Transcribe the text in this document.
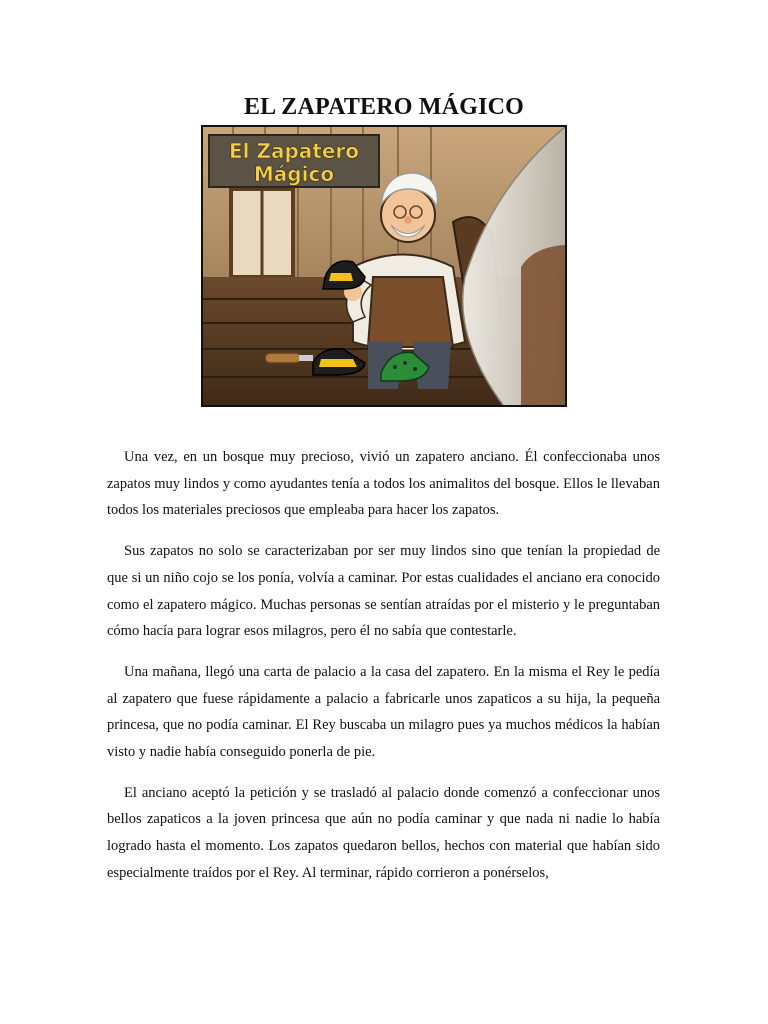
EL ZAPATERO MÁGICO
El Zapatero
Mágico

Una vez, en un bosque muy precioso, vivió un zapatero anciano. Él confeccionaba unos zapatos muy lindos y como ayudantes tenía a todos los animalitos del bosque. Ellos le llevaban todos los materiales preciosos que empleaba para hacer los zapatos.

Sus zapatos no solo se caracterizaban por ser muy lindos sino que tenían la propiedad de que si un niño cojo se los ponía, volvía a caminar. Por estas cualidades el anciano era conocido como el zapatero mágico. Muchas personas se sentían atraídas por el misterio y le preguntaban cómo hacía para lograr esos milagros, pero él no sabía que contestarle.

Una mañana, llegó una carta de palacio a la casa del zapatero. En la misma el Rey le pedía al zapatero que fuese rápidamente a palacio a fabricarle unos zapaticos a su hija, la pequeña princesa, que no podía caminar. El Rey buscaba un milagro pues ya muchos médicos la habían visto y nadie había conseguido ponerla de pie.

El anciano aceptó la petición y se trasladó al palacio donde comenzó a confeccionar unos bellos zapaticos a la joven princesa que aún no podía caminar y que nada ni nadie lo había logrado hasta el momento. Los zapatos quedaron bellos, hechos con material que habían sido especialmente traídos por el Rey. Al terminar, rápido corrieron a ponérselos,
